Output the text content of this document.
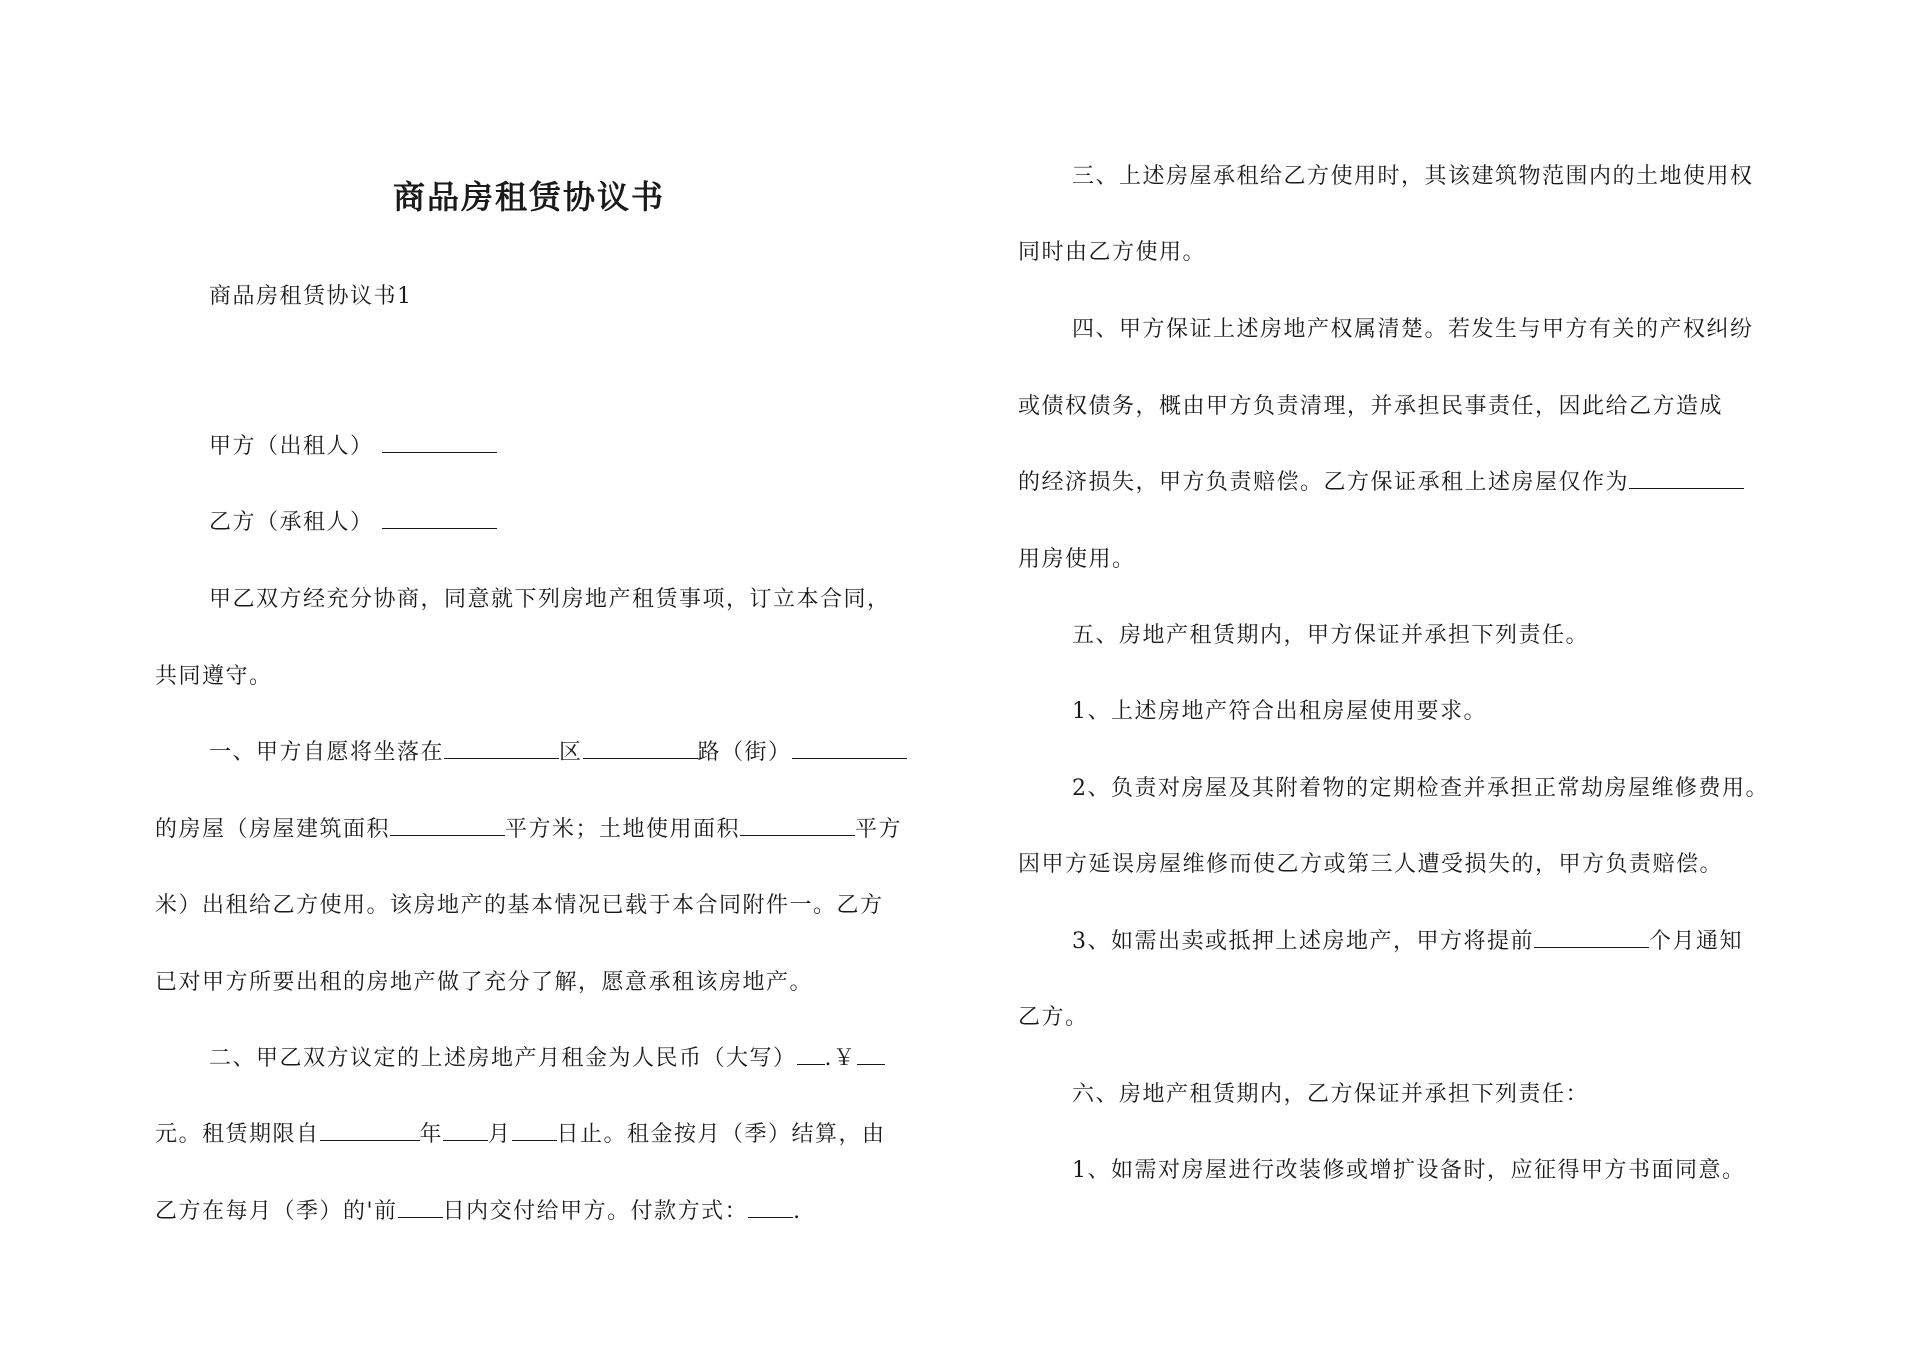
商品房租赁协议书
商品房租赁协议书1
甲方（出租人）
乙方（承租人）
甲乙双方经充分协商，同意就下列房地产租赁事项，订立本合同，
共同遵守。
一、甲方自愿将坐落在	区	路（街）
的房屋（房屋建筑面积	平方米；土地使用面积	平方
米）出租给乙方使用。该房地产的基本情况已载于本合同附件一。乙方
已对甲方所要出租的房地产做了充分了解，愿意承租该房地产。
二、甲乙双方议定的上述房地产月租金为人民币（大写） .￥
元。租赁期限自	年 月 日止。租金按月（季）结算，由
乙方在每月（季）的'前 日内交付给甲方。付款方式： .
三、上述房屋承租给乙方使用时，其该建筑物范围内的土地使用权
同时由乙方使用。
四、甲方保证上述房地产权属清楚。若发生与甲方有关的产权纠纷
或债权债务，概由甲方负责清理，并承担民事责任，因此给乙方造成
的经济损失，甲方负责赔偿。乙方保证承租上述房屋仅作为
用房使用。
五、房地产租赁期内，甲方保证并承担下列责任。
1、上述房地产符合出租房屋使用要求。
2、负责对房屋及其附着物的定期检查并承担正常劫房屋维修费用。
因甲方延误房屋维修而使乙方或第三人遭受损失的，甲方负责赔偿。
3、如需出卖或抵押上述房地产，甲方将提前	个月通知
乙方。
六、房地产租赁期内，乙方保证并承担下列责任：
1、如需对房屋进行改装修或增扩设备时，应征得甲方书面同意。
